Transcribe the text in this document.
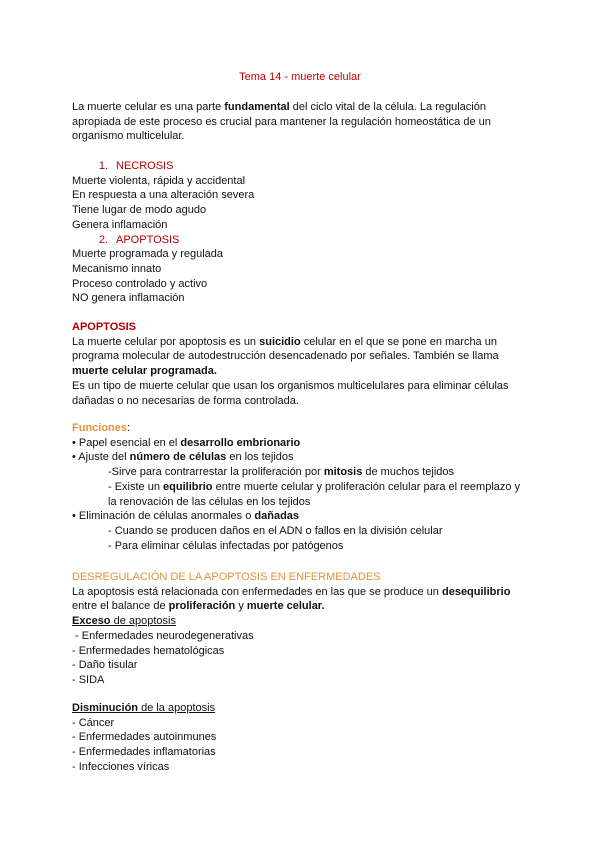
Tema 14 - muerte celular
La muerte celular es una parte fundamental del ciclo vital de la célula. La regulación
apropiada de este proceso es crucial para mantener la regulación homeostática de un
organismo multicelular.
1. NECROSIS
Muerte violenta, rápida y accidental
En respuesta a una alteración severa
Tiene lugar de modo agudo
Genera inflamación
2. APOPTOSIS
Muerte programada y regulada
Mecanismo innato
Proceso controlado y activo
NO genera inflamación
APOPTOSIS
La muerte celular por apoptosis es un suicidio celular en el que se pone en marcha un
programa molecular de autodestrucción desencadenado por señales. También se llama
muerte celular programada.
Es un tipo de muerte celular que usan los organismos multicelulares para eliminar células
dañadas o no necesarias de forma controlada.
Funciones:
• Papel esencial en el desarrollo embrionario
• Ajuste del número de células en los tejidos
-Sirve para contrarrestar la proliferación por mitosis de muchos tejidos
- Existe un equilibrio entre muerte celular y proliferación celular para el reemplazo y
la renovación de las células en los tejidos
• Eliminación de células anormales o dañadas
- Cuando se producen daños en el ADN o fallos en la división celular
- Para eliminar células infectadas por patógenos
DESREGULACIÓN DE LA APOPTOSIS EN ENFERMEDADES
La apoptosis está relacionada con enfermedades en las que se produce un desequilibrio
entre el balance de proliferación y muerte celular.
Exceso de apoptosis
- Enfermedades neurodegenerativas
- Enfermedades hematológicas
- Daño tisular
- SIDA
Disminución de la apoptosis
- Cáncer
- Enfermedades autoinmunes
- Enfermedades inflamatorias
- Infecciones víricas
